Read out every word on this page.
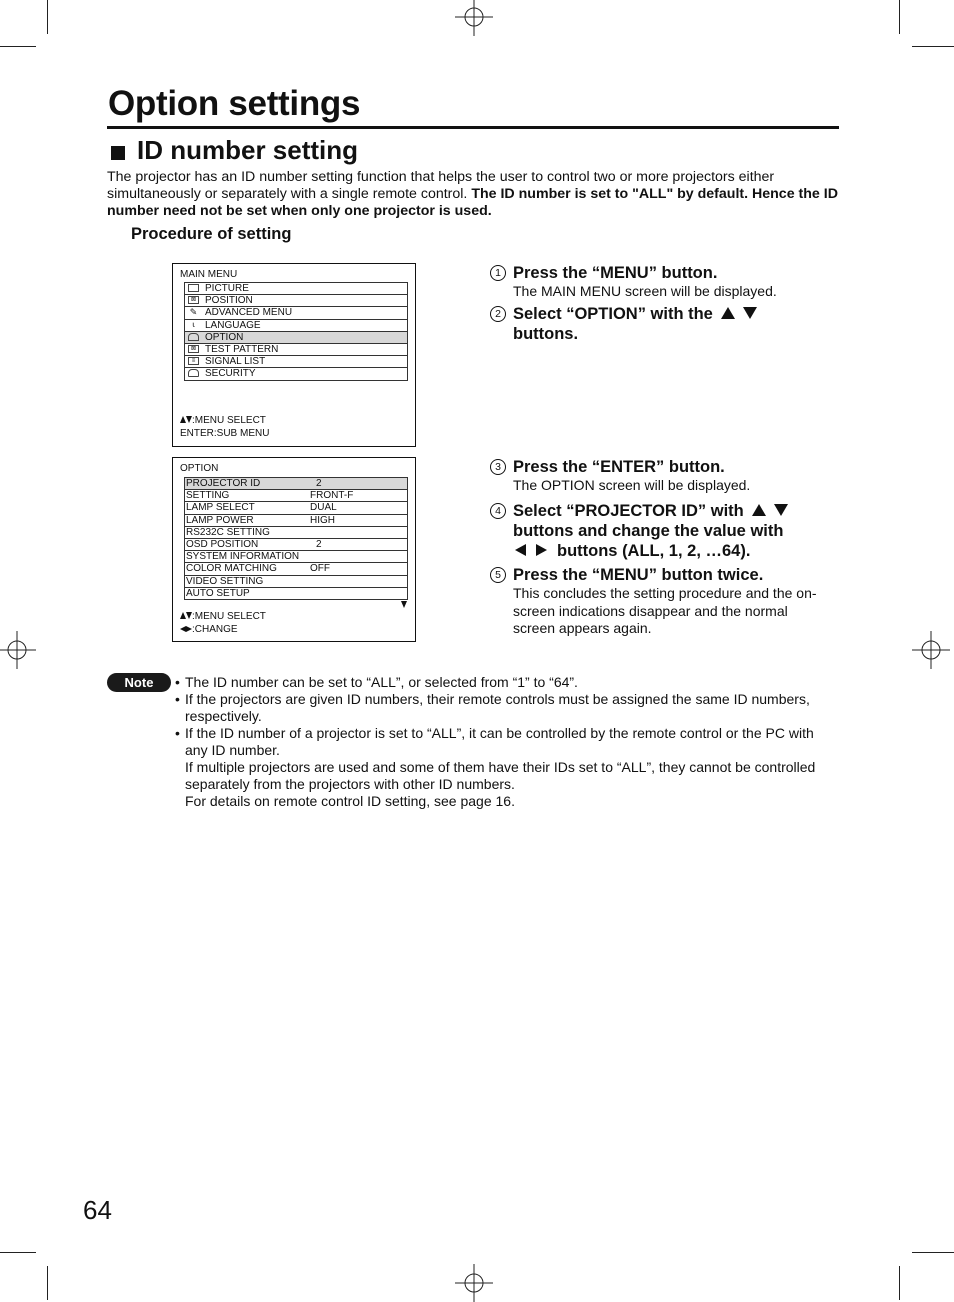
Option settings
ID number setting
The projector has an ID number setting function that helps the user to control two or more projectors either simultaneously or separately with a single remote control. The ID number is set to "ALL" by default. Hence the ID number need not be set when only one projector is used.
Procedure of setting
MAIN MENU
PICTURE
⊠ POSITION
✎ ADVANCED MENU
⍳	LANGUAGE
OPTION
⊠ TEST PATTERN
≡ SIGNAL LIST
SECURITY
:MENU SELECT
ENTER:SUB MENU
OPTION
PROJECTOR ID	2
SETTING	FRONT-F
LAMP SELECT	DUAL
LAMP POWER	HIGH
RS232C SETTING
OSD POSITION	2
SYSTEM INFORMATION
COLOR MATCHING	OFF
VIDEO SETTING
AUTO SETUP
:MENU SELECT
:CHANGE
1 Press the “MENU” button.
The MAIN MENU screen will be displayed.
2 Select “OPTION” with the
buttons.
3 Press the “ENTER” button.
The OPTION screen will be displayed.
4 Select “PROJECTOR ID” with
buttons and change the value with
buttons (ALL, 1, 2, …64).
5 Press the “MENU” button twice.
This concludes the setting procedure and the on-screen indications disappear and the normal screen appears again.
Note	• The ID number can be set to “ALL”, or selected from “1” to “64”.
• If the projectors are given ID numbers, their remote controls must be assigned the same ID numbers, respectively.
• If the ID number of a projector is set to “ALL”, it can be controlled by the remote control or the PC with any ID number.
If multiple projectors are used and some of them have their IDs set to “ALL”, they cannot be controlled separately from the projectors with other ID numbers.
For details on remote control ID setting, see page 16.
64
